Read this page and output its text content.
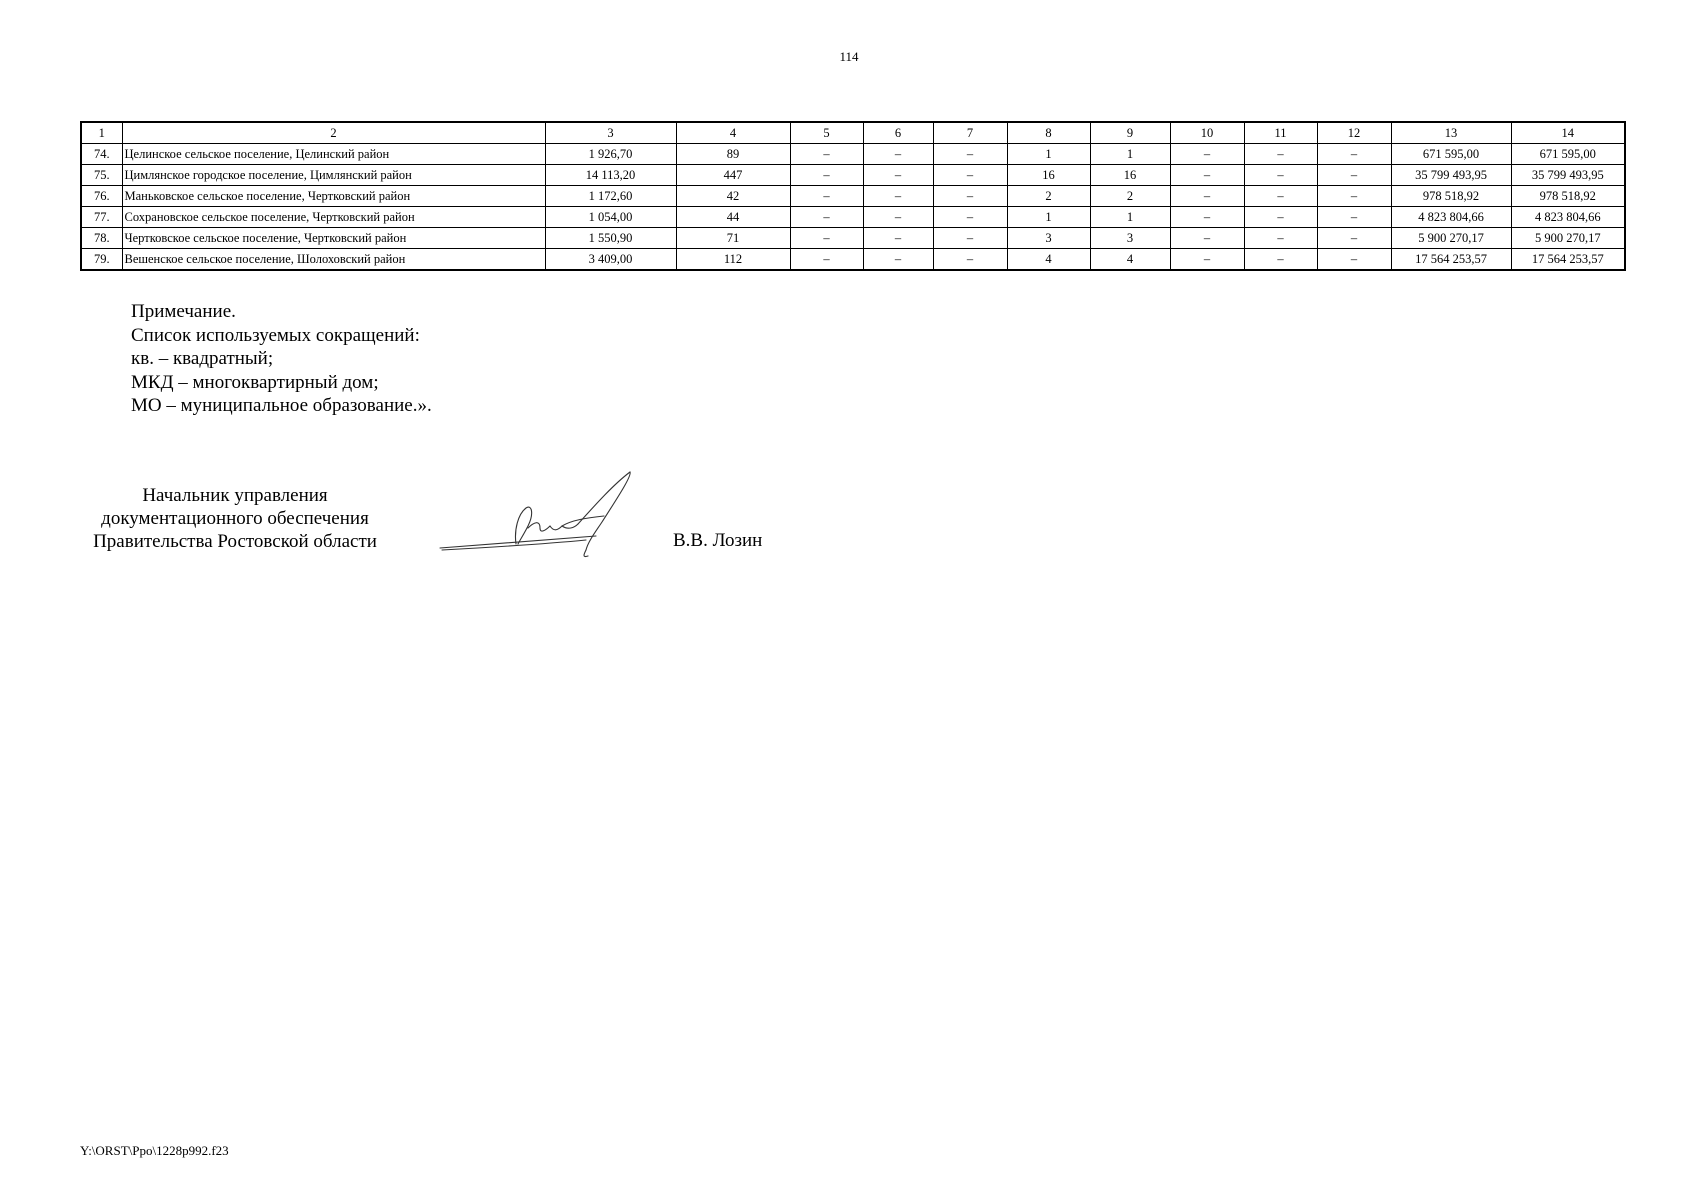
114
1	2	3	4	5	6	7	8	9	10	11	12	13	14
74.	Целинское сельское поселение, Целинский район	1 926,70	89	–	–	–	1	1	–	–	–	671 595,00	671 595,00
75.	Цимлянское городское поселение, Цимлянский район	14 113,20	447	–	–	–	16	16	–	–	–	35 799 493,95	35 799 493,95
76.	Маньковское сельское поселение, Чертковский район	1 172,60	42	–	–	–	2	2	–	–	–	978 518,92	978 518,92
77.	Сохрановское сельское поселение, Чертковский район	1 054,00	44	–	–	–	1	1	–	–	–	4 823 804,66	4 823 804,66
78.	Чертковское сельское поселение, Чертковский район	1 550,90	71	–	–	–	3	3	–	–	–	5 900 270,17	5 900 270,17
79.	Вешенское сельское поселение, Шолоховский район	3 409,00	112	–	–	–	4	4	–	–	–	17 564 253,57	17 564 253,57
Примечание.
Список используемых сокращений:
кв. – квадратный;
МКД – многоквартирный дом;
МО – муниципальное образование.».
Начальник управления
документационного обеспечения
Правительства Ростовской области	В.В. Лозин
Y:\ORST\Ppo\1228p992.f23
